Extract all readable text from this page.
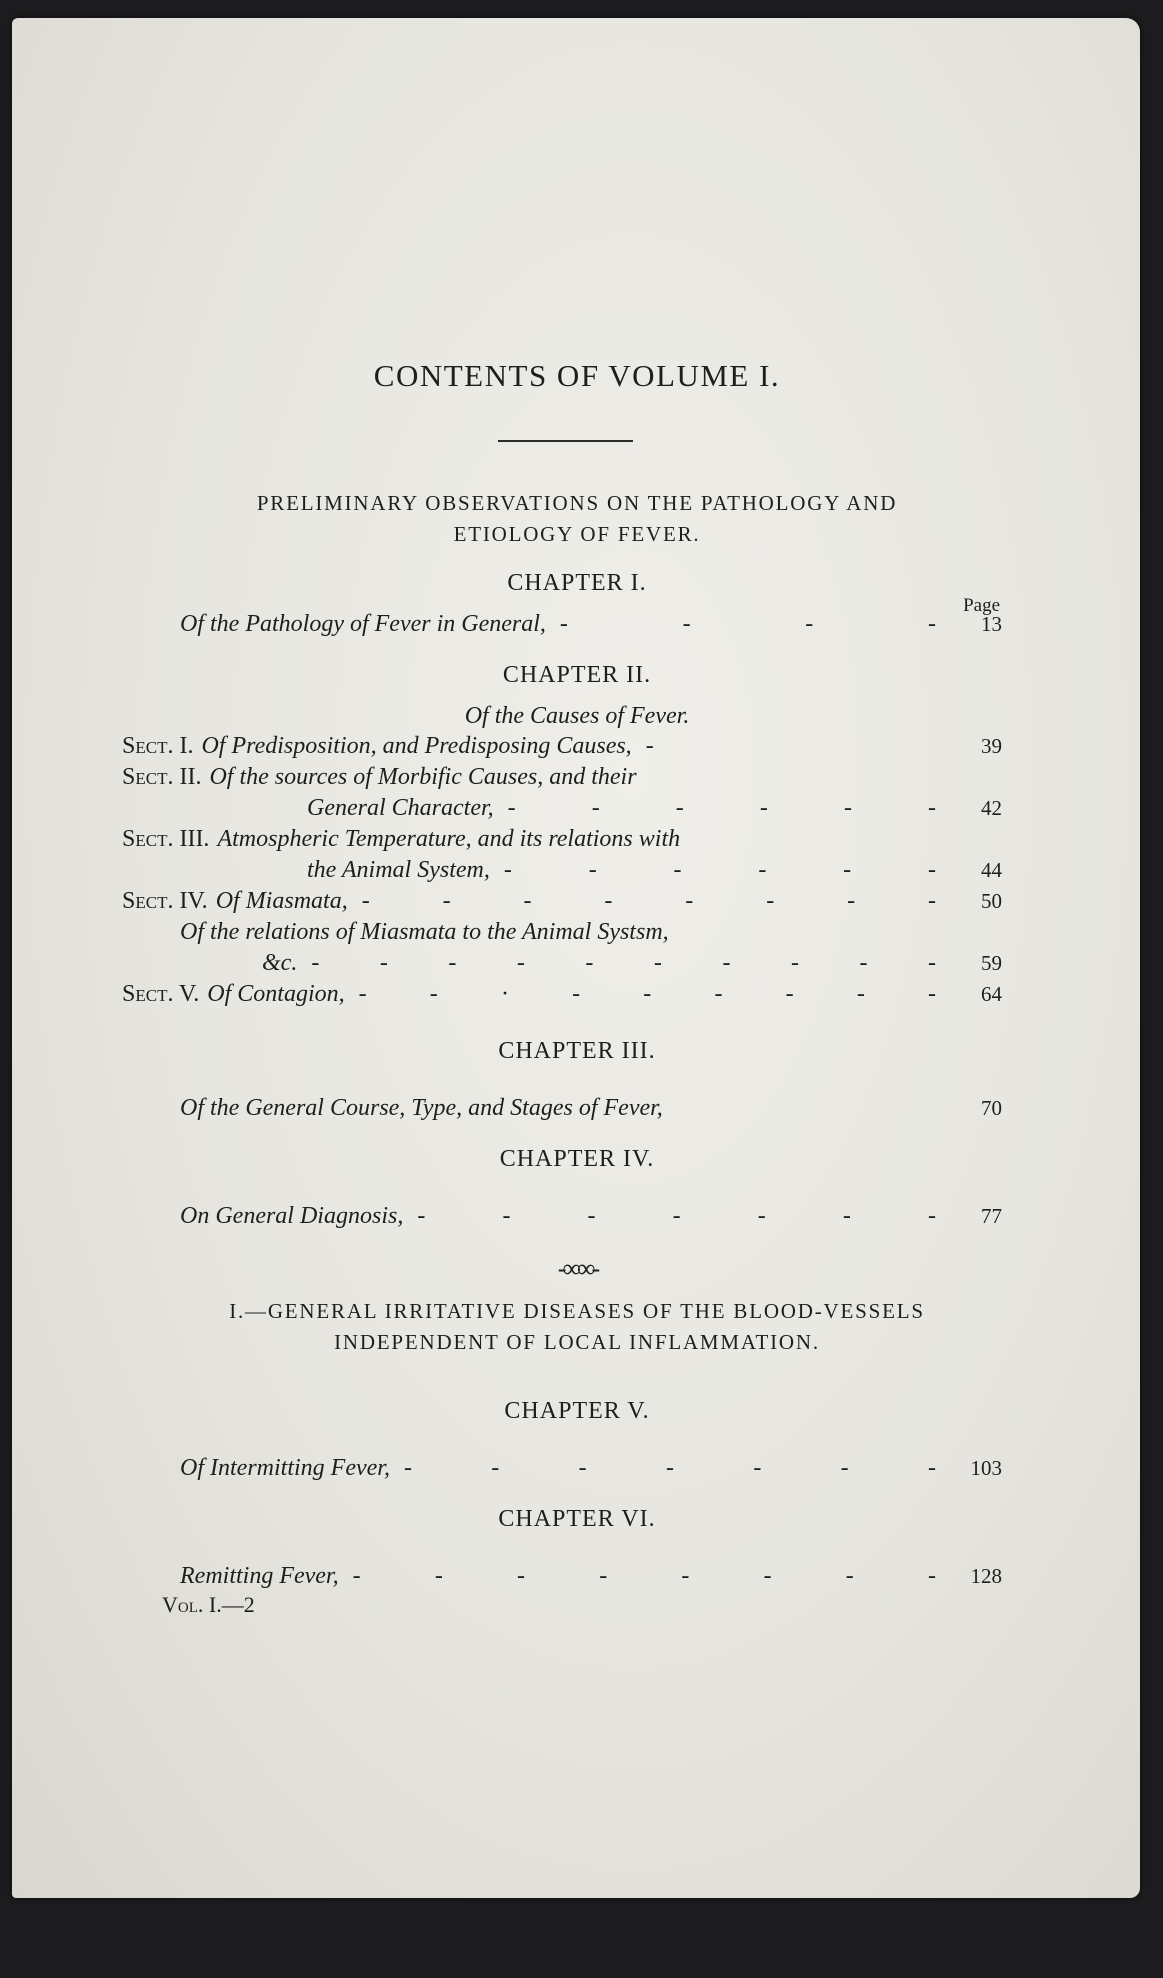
CONTENTS OF VOLUME I.
PRELIMINARY OBSERVATIONS ON THE PATHOLOGY AND
ETIOLOGY OF FEVER.
CHAPTER I.
Page
Of the Pathology of Fever in General, - - - -	13
CHAPTER II.
Of the Causes of Fever.
Sect. I. Of Predisposition, and Predisposing Causes, -	39
Sect. II. Of the sources of Morbific Causes, and their
General Character, - - - - - -	42
Sect. III. Atmospheric Temperature, and its relations with
the Animal System, - - - - - -	44
Sect. IV. Of Miasmata, - - - - - - - -	50
Of the relations of Miasmata to the Animal Systsm,
&c. - - - - - - - - - -	59
Sect. V. Of Contagion, - - · - - - - - -	64
CHAPTER III.
Of the General Course, Type, and Stages of Fever,	70
CHAPTER IV.
On General Diagnosis, - - - - - - -	77
-∞∞-
I.—GENERAL IRRITATIVE DISEASES OF THE BLOOD-VESSELS
INDEPENDENT OF LOCAL INFLAMMATION.
CHAPTER V.
Of Intermitting Fever, - - - - - - -	103
CHAPTER VI.
Remitting Fever, - - - - - - - -	128
Vol. I.—2
